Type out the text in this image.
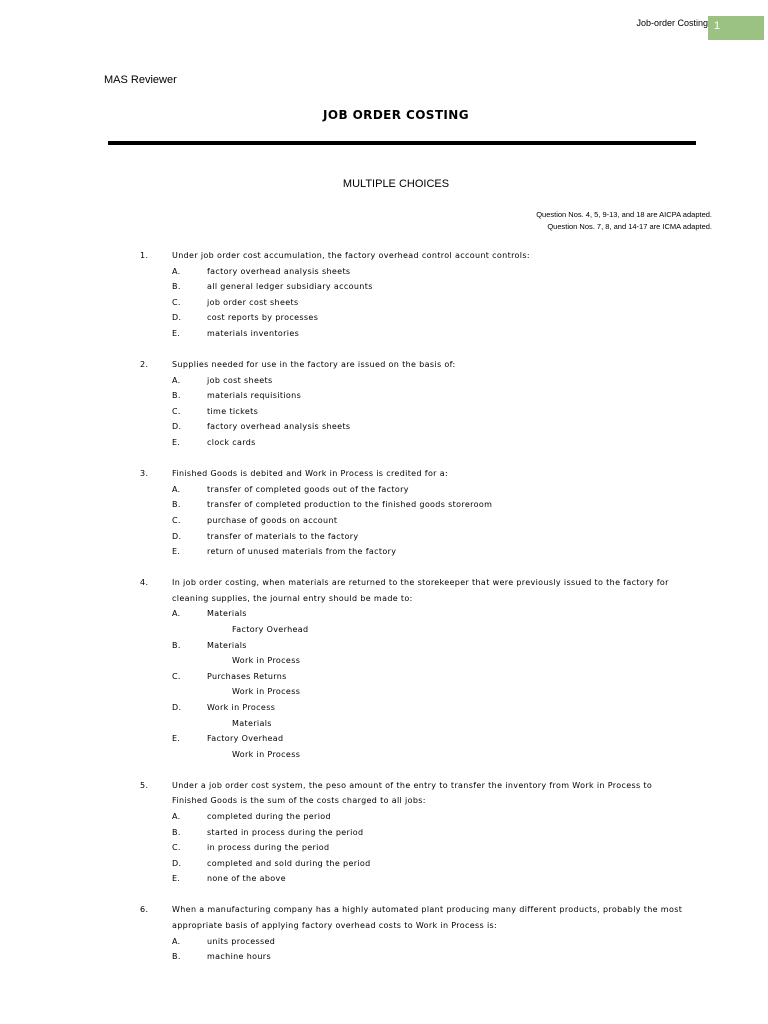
Job-order Costing 1
MAS Reviewer
JOB ORDER COSTING
MULTIPLE CHOICES
Question Nos. 4, 5, 9-13, and 18 are AICPA adapted.
Question Nos. 7, 8, and 14-17 are ICMA adapted.
1.	Under job order cost accumulation, the factory overhead control account controls:
A.	factory overhead analysis sheets
B.	all general ledger subsidiary accounts
C.	job order cost sheets
D.	cost reports by processes
E.	materials inventories
2.	Supplies needed for use in the factory are issued on the basis of:
A.	job cost sheets
B.	materials requisitions
C.	time tickets
D.	factory overhead analysis sheets
E.	clock cards
3.	Finished Goods is debited and Work in Process is credited for a:
A.	transfer of completed goods out of the factory
B.	transfer of completed production to the finished goods storeroom
C.	purchase of goods on account
D.	transfer of materials to the factory
E.	return of unused materials from the factory
4.	In job order costing, when materials are returned to the storekeeper that were previously issued to the factory for
cleaning supplies, the journal entry should be made to:
A.	Materials
Factory Overhead
B.	Materials
Work in Process
C.	Purchases Returns
Work in Process
D.	Work in Process
Materials
E.	Factory Overhead
Work in Process
5.	Under a job order cost system, the peso amount of the entry to transfer the inventory from Work in Process to
Finished Goods is the sum of the costs charged to all jobs:
A.	completed during the period
B.	started in process during the period
C.	in process during the period
D.	completed and sold during the period
E.	none of the above
6.	When a manufacturing company has a highly automated plant producing many different products, probably the most
appropriate basis of applying factory overhead costs to Work in Process is:
A.	units processed
B.	machine hours
